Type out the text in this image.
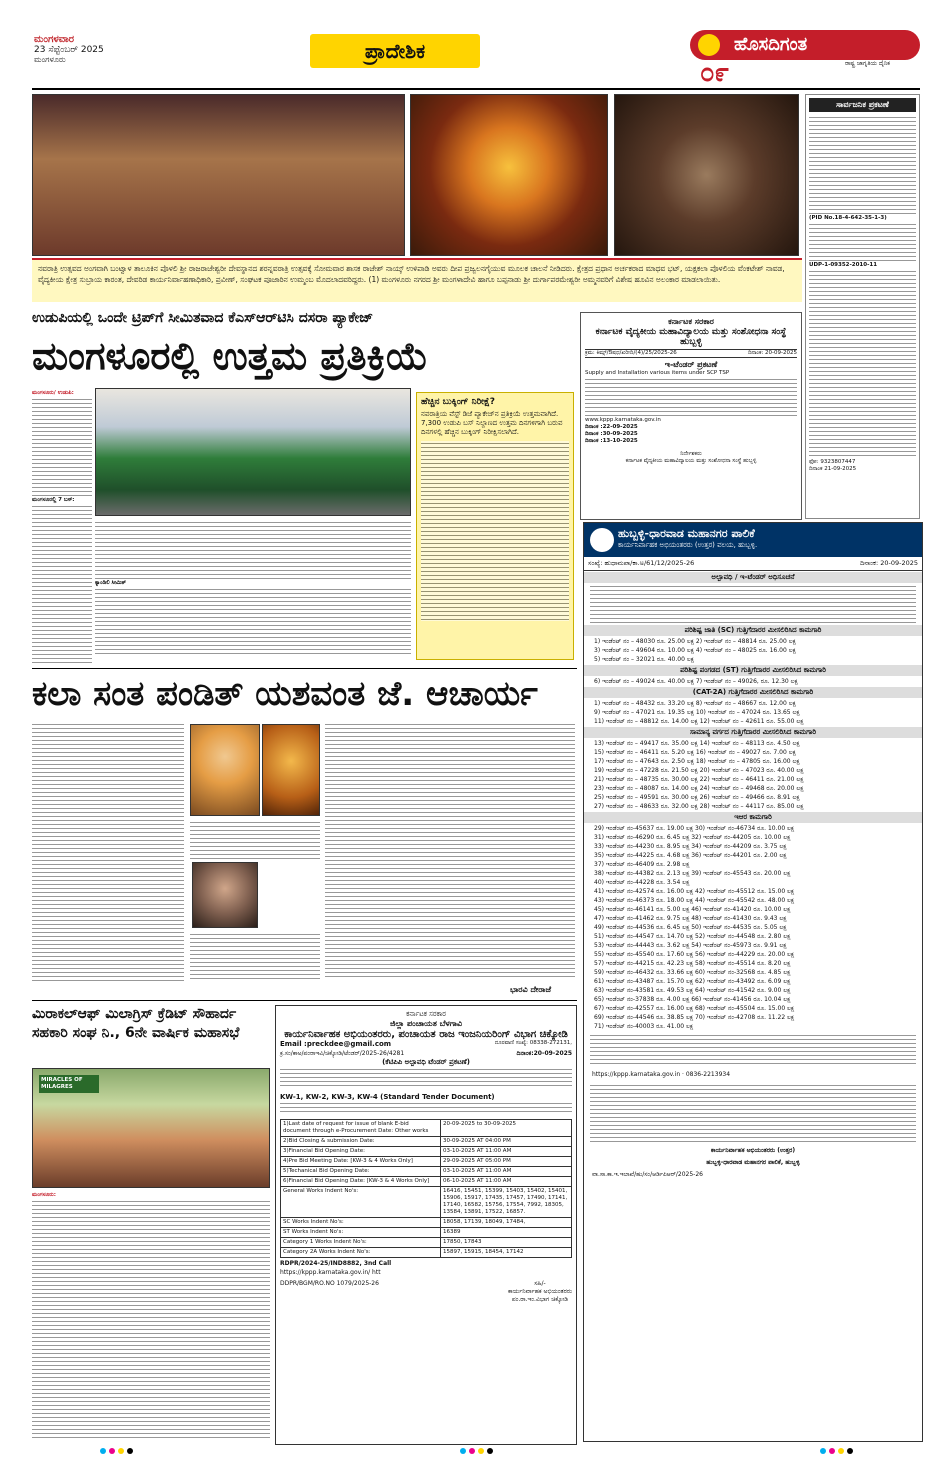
ಮಂಗಳವಾರ
23 ಸೆಪ್ಟೆಂಬರ್ 2025
ಮಂಗಳೂರು	ಪ್ರಾದೇಶಿಕ	ಹೊಸದಿಗಂತ
ರಾಷ್ಟ್ರ ಜಾಗೃತಿಯ ದೈನಿಕ
೦೯
ನವರಾತ್ರಿ ಉತ್ಸವದ ಅಂಗವಾಗಿ ಬಂಟ್ವಾಳ ತಾಲೂಕಿನ ಪೊಳಲಿ ಶ್ರೀ ರಾಜರಾಜೇಶ್ವರೀ ದೇವಸ್ಥಾನದ ಶರನ್ನವರಾತ್ರಿ ಉತ್ಸವಕ್ಕೆ ಸೋಮವಾರ ಶಾಸಕ ರಾಜೇಶ್ ನಾಯ್ಕ್ ಉಳಿಪಾಡಿ ಅವರು ದೀಪ ಪ್ರಜ್ವಲನಗೈಯುವ ಮೂಲಕ ಚಾಲನೆ ನೀಡಿದರು. ಕ್ಷೇತ್ರದ ಪ್ರಧಾನ ಅರ್ಚಕರಾದ ಮಾಧವ ಭಟ್, ಯಕ್ಷಕಲಾ ಪೊಳಲಿಯ ವೆಂಕಟೇಶ್ ನಾವಡ, ವೈದ್ಯಕೀಯ ಕ್ಷೇತ್ರ ಸುಬ್ರಾಯ ಕಾರಂತ, ದೇವರಿಡ ಕಾರ್ಯನಿರ್ವಾಹಣಾಧಿಕಾರಿ, ಪ್ರವೀಣ್, ಸಂಘಟಕ ಪೂಜಾರಿನ ಉಮ್ಮಂಬ ಮೊದಲಾದವರಿದ್ದರು. (1) ಮಂಗಳೂರು ನಗರದ ಶ್ರೀ ಮಂಗಳಾದೇವಿ ಹಾಗೂ ಬಪ್ಪನಾಡು ಶ್ರೀ ದುರ್ಗಾಪರಮೇಶ್ವರೀ ಅಮ್ಮನವರಿಗೆ ವಿಶೇಷ ಹೂವಿನ ಅಲಂಕಾರ ಮಾಡಲಾಯಿತು.
ಸಾರ್ವಜನಿಕ ಪ್ರಕಟಣೆ
(PID No.18-4-642-35-1-3)
UDP-1-09352-2010-11
ಫೋ: 9323807447
ದಿನಾಂಕ 21-09-2025
ಉಡುಪಿಯಲ್ಲಿ ಒಂದೇ ಟ್ರಿಪ್‌ಗೆ ಸೀಮಿತವಾದ ಕೆಎಸ್ಆರ್‌ಟಿಸಿ ದಸರಾ ಪ್ಯಾಕೇಜ್
ಮಂಗಳೂರಲ್ಲಿ ಉತ್ತಮ ಪ್ರತಿಕ್ರಿಯೆ
ಮಂಗಳೂರು/ ಉಡುಪಿ:
ಮಂಗಳೂರಲ್ಲಿ 7 ಬಸ್:
ಕ್ಯಾಂಡಿಲಿ ಸೀಮಿತ್
ಹೆಚ್ಚಿನ ಬುಕ್ಕಿಂಗ್ ನಿರೀಕ್ಷೆ?
ನವರಾತ್ರಿಯ ವೆಸ್ಟ್ ಡಿಜೆ ಪ್ಯಾಕೇಜ್‌ನ ಪ್ರತಿಕ್ರಿಯೆ ಉತ್ತಮವಾಗಿದೆ. 7,300 ಉಡುಪಿ ಬಸ್ ನಿಲ್ದಾಣದ ಉತ್ತಮ ದಿನಗಳಿಗಾಗಿ ಬರುವ ದಿನಗಳಲ್ಲಿ ಹೆಚ್ಚಿನ ಬುಕ್ಕಿಂಗ್ ನಿರೀಕ್ಷಿಸಲಾಗಿದೆ.
ಕರ್ನಾಟಕ ಸರಕಾರ
ಕರ್ನಾಟಕ ವೈದ್ಯಕೀಯ ಮಹಾವಿದ್ಯಾಲಯ ಮತ್ತು ಸಂಶೋಧನಾ ಸಂಸ್ಥೆ ಹುಬ್ಬಳ್ಳಿ
ಕ್ರಮ: ಕಿಮ್ಸ್/ಔಷಧ/ಖರೀದಿ/(4)/25/2025-26	ದಿನಾಂಕ: 20-09-2025
ಇ-ಟೆಂಡರ್ ಪ್ರಕಟಣೆ
Supply and Installation various items under SCP TSP
www.kppp.karnataka.gov.in
ದಿನಾಂಕ :22-09-2025
ದಿನಾಂಕ :30-09-2025
ದಿನಾಂಕ :13-10-2025
ನಿರ್ದೇಶಕರು
ಕರ್ನಾಟಕ ವೈದ್ಯಕೀಯ ಮಹಾವಿದ್ಯಾಲಯ ಮತ್ತು ಸಂಶೋಧನಾ ಸಂಸ್ಥೆ ಹುಬ್ಬಳ್ಳಿ
ಹುಬ್ಬಳ್ಳಿ-ಧಾರವಾಡ ಮಹಾನಗರ ಪಾಲಿಕೆ
ಕಾರ್ಯನಿರ್ವಾಹಕ ಅಭಿಯಂತರರು (ಉತ್ತರ) ವಲಯ, ಹುಬ್ಬಳ್ಳಿ.
ಸಂಖ್ಯೆ: ಹುಧಾಮಪಾ/ಕಾ.ಅ/61/12/2025-26	ದಿನಾಂಕ: 20-09-2025
ಅಲ್ಪಾವಧಿ / ಇ-ಟೆಂಡರ್ ಅಧಿಸೂಚನೆ
ಪರಿಶಿಷ್ಟ ಜಾತಿ (SC) ಗುತ್ತಿಗೆದಾರರ ಮೀಸಲಿರಿಸಿದ ಕಾಮಗಾರಿ
1) ಇಂಡೆಂಟ್ ನಂ – 48030 ರೂ. 25.00 ಲಕ್ಷ 2) ಇಂಡೆಂಟ್ ನಂ – 48814 ರೂ. 25.00 ಲಕ್ಷ
3) ಇಂಡೆಂಟ್ ನಂ – 49604 ರೂ. 10.00 ಲಕ್ಷ 4) ಇಂಡೆಂಟ್ ನಂ – 48025 ರೂ. 16.00 ಲಕ್ಷ
5) ಇಂಡೆಂಟ್ ನಂ – 32021 ರೂ. 40.00 ಲಕ್ಷ
ಪರಿಶಿಷ್ಟ ಪಂಗಡದ (ST) ಗುತ್ತಿಗೆದಾರರ ಮೀಸಲಿರಿಸಿದ ಕಾಮಗಾರಿ
6) ಇಂಡೆಂಟ್ ನಂ – 49024 ರೂ. 40.00 ಲಕ್ಷ 7) ಇಂಡೆಂಟ್ ನಂ – 49026, ರೂ. 12.30 ಲಕ್ಷ
(CAT-2A) ಗುತ್ತಿಗೆದಾರರ ಮೀಸಲಿರಿಸಿದ ಕಾಮಗಾರಿ
1) ಇಂಡೆಂಟ್ ನಂ – 48432 ರೂ. 33.20 ಲಕ್ಷ 8) ಇಂಡೆಂಟ್ ನಂ – 48667 ರೂ. 12.00 ಲಕ್ಷ
9) ಇಂಡೆಂಟ್ ನಂ – 47021 ರೂ. 19.35 ಲಕ್ಷ 10) ಇಂಡೆಂಟ್ ನಂ – 47024 ರೂ. 13.65 ಲಕ್ಷ
11) ಇಂಡೆಂಟ್ ನಂ – 48812 ರೂ. 14.00 ಲಕ್ಷ 12) ಇಂಡೆಂಟ್ ನಂ – 42611 ರೂ. 55.00 ಲಕ್ಷ
ಸಾಮಾನ್ಯ ವರ್ಗದ ಗುತ್ತಿಗೆದಾರರ ಮೀಸಲಿರಿಸಿದ ಕಾಮಗಾರಿ
13) ಇಂಡೆಂಟ್ ನಂ – 49417 ರೂ. 35.00 ಲಕ್ಷ 14) ಇಂಡೆಂಟ್ ನಂ – 48113 ರೂ. 4.50 ಲಕ್ಷ
15) ಇಂಡೆಂಟ್ ನಂ – 46411 ರೂ. 5.20 ಲಕ್ಷ 16) ಇಂಡೆಂಟ್ ನಂ – 49027 ರೂ. 7.00 ಲಕ್ಷ
17) ಇಂಡೆಂಟ್ ನಂ – 47643 ರೂ. 2.50 ಲಕ್ಷ 18) ಇಂಡೆಂಟ್ ನಂ – 47805 ರೂ. 16.00 ಲಕ್ಷ
19) ಇಂಡೆಂಟ್ ನಂ – 47228 ರೂ. 21.50 ಲಕ್ಷ 20) ಇಂಡೆಂಟ್ ನಂ – 47023 ರೂ. 40.00 ಲಕ್ಷ
21) ಇಂಡೆಂಟ್ ನಂ – 48735 ರೂ. 30.00 ಲಕ್ಷ 22) ಇಂಡೆಂಟ್ ನಂ – 46411 ರೂ. 21.00 ಲಕ್ಷ
23) ಇಂಡೆಂಟ್ ನಂ – 48087 ರೂ. 14.00 ಲಕ್ಷ 24) ಇಂಡೆಂಟ್ ನಂ – 49468 ರೂ. 20.00 ಲಕ್ಷ
25) ಇಂಡೆಂಟ್ ನಂ – 49591 ರೂ. 30.00 ಲಕ್ಷ 26) ಇಂಡೆಂಟ್ ನಂ – 49466 ರೂ. 8.91 ಲಕ್ಷ
27) ಇಂಡೆಂಟ್ ನಂ – 48633 ರೂ. 32.00 ಲಕ್ಷ 28) ಇಂಡೆಂಟ್ ನಂ – 44117 ರೂ. 85.00 ಲಕ್ಷ
ಇಆರ ಕಾಮಗಾರಿ
29) ಇಂಡೆಂಟ್ ನಂ-45637 ರೂ. 19.00 ಲಕ್ಷ 30) ಇಂಡೆಂಟ್ ನಂ-46734 ರೂ. 10.00 ಲಕ್ಷ
31) ಇಂಡೆಂಟ್ ನಂ-46290 ರೂ. 6.45 ಲಕ್ಷ 32) ಇಂಡೆಂಟ್ ನಂ-44205 ರೂ. 10.00 ಲಕ್ಷ
33) ಇಂಡೆಂಟ್ ನಂ-44230 ರೂ. 8.95 ಲಕ್ಷ 34) ಇಂಡೆಂಟ್ ನಂ-44209 ರೂ. 3.75 ಲಕ್ಷ
35) ಇಂಡೆಂಟ್ ನಂ-44225 ರೂ. 4.68 ಲಕ್ಷ 36) ಇಂಡೆಂಟ್ ನಂ-44201 ರೂ. 2.00 ಲಕ್ಷ
37) ಇಂಡೆಂಟ್ ನಂ-46409 ರೂ. 2.98 ಲಕ್ಷ
38) ಇಂಡೆಂಟ್ ನಂ-44382 ರೂ. 2.13 ಲಕ್ಷ 39) ಇಂಡೆಂಟ್ ನಂ-45543 ರೂ. 20.00 ಲಕ್ಷ
40) ಇಂಡೆಂಟ್ ನಂ-44228 ರೂ. 3.54 ಲಕ್ಷ
41) ಇಂಡೆಂಟ್ ನಂ-42574 ರೂ. 16.00 ಲಕ್ಷ 42) ಇಂಡೆಂಟ್ ನಂ-45512 ರೂ. 15.00 ಲಕ್ಷ
43) ಇಂಡೆಂಟ್ ನಂ-46373 ರೂ. 18.00 ಲಕ್ಷ 44) ಇಂಡೆಂಟ್ ನಂ-45542 ರೂ. 48.00 ಲಕ್ಷ
45) ಇಂಡೆಂಟ್ ನಂ-46141 ರೂ. 5.00 ಲಕ್ಷ 46) ಇಂಡೆಂಟ್ ನಂ-41420 ರೂ. 10.00 ಲಕ್ಷ
47) ಇಂಡೆಂಟ್ ನಂ-41462 ರೂ. 9.75 ಲಕ್ಷ 48) ಇಂಡೆಂಟ್ ನಂ-41430 ರೂ. 9.43 ಲಕ್ಷ
49) ಇಂಡೆಂಟ್ ನಂ-44536 ರೂ. 6.45 ಲಕ್ಷ 50) ಇಂಡೆಂಟ್ ನಂ-44535 ರೂ. 5.05 ಲಕ್ಷ
51) ಇಂಡೆಂಟ್ ನಂ-44547 ರೂ. 14.70 ಲಕ್ಷ 52) ಇಂಡೆಂಟ್ ನಂ-44548 ರೂ. 2.80 ಲಕ್ಷ
53) ಇಂಡೆಂಟ್ ನಂ-44443 ರೂ. 3.62 ಲಕ್ಷ 54) ಇಂಡೆಂಟ್ ನಂ-45973 ರೂ. 9.91 ಲಕ್ಷ
55) ಇಂಡೆಂಟ್ ನಂ-45540 ರೂ. 17.60 ಲಕ್ಷ 56) ಇಂಡೆಂಟ್ ನಂ-44229 ರೂ. 20.00 ಲಕ್ಷ
57) ಇಂಡೆಂಟ್ ನಂ-44215 ರೂ. 42.23 ಲಕ್ಷ 58) ಇಂಡೆಂಟ್ ನಂ-45514 ರೂ. 8.20 ಲಕ್ಷ
59) ಇಂಡೆಂಟ್ ನಂ-46432 ರೂ. 33.66 ಲಕ್ಷ 60) ಇಂಡೆಂಟ್ ನಂ-32568 ರೂ. 4.85 ಲಕ್ಷ
61) ಇಂಡೆಂಟ್ ನಂ-43487 ರೂ. 15.70 ಲಕ್ಷ 62) ಇಂಡೆಂಟ್ ನಂ-43492 ರೂ. 6.09 ಲಕ್ಷ
63) ಇಂಡೆಂಟ್ ನಂ-43581 ರೂ. 49.53 ಲಕ್ಷ 64) ಇಂಡೆಂಟ್ ನಂ-41542 ರೂ. 9.00 ಲಕ್ಷ
65) ಇಂಡೆಂಟ್ ನಂ-37838 ರೂ. 4.00 ಲಕ್ಷ 66) ಇಂಡೆಂಟ್ ನಂ-41456 ರೂ. 10.04 ಲಕ್ಷ
67) ಇಂಡೆಂಟ್ ನಂ-42557 ರೂ. 16.00 ಲಕ್ಷ 68) ಇಂಡೆಂಟ್ ನಂ-45504 ರೂ. 15.00 ಲಕ್ಷ
69) ಇಂಡೆಂಟ್ ನಂ-44546 ರೂ. 38.85 ಲಕ್ಷ 70) ಇಂಡೆಂಟ್ ನಂ-42708 ರೂ. 11.22 ಲಕ್ಷ
71) ಇಂಡೆಂಟ್ ನಂ-40003 ರೂ. 41.00 ಲಕ್ಷ
https://kppp.karnataka.gov.in · 0836-2213934
ಕಾರ್ಯನಿರ್ವಾಹಕ ಅಭಿಯಂತರರು (ಉತ್ತರ)
ಹುಬ್ಬಳ್ಳಿ-ಧಾರವಾಡ ಮಹಾನಗರ ಪಾಲಿಕೆ, ಹುಬ್ಬಳ್ಳಿ
ವಾ.ಸಾ.ಕಾ.ಇ.ಇಲಾಖೆ/ಹು/ಸಂ/ಆರ್ಡಿಪಿಆರ್/2025-26
ಕಲಾ ಸಂತ ಪಂಡಿತ್ ಯಶವಂತ ಜೆ. ಆಚಾರ್ಯ
ಭಾರವಿ ದೇರಾಜೆ
ಮಿರಾಕಲ್‌ಆಫ್ ಮಿಲಾಗ್ರಿಸ್ ಕ್ರೆಡಿಟ್ ಸೌಹಾರ್ದ ಸಹಕಾರಿ ಸಂಘ ನಿ., 6ನೇ ವಾರ್ಷಿಕ ಮಹಾಸಭೆ
MIRACLES OF MILAGRES
ಮಂಗಳೂರು:
ಕರ್ನಾಟಕ ಸರಕಾರ
ಜಿಲ್ಲಾ ಪಂಚಾಯತ ಬೆಳಗಾವಿ
ಕಾರ್ಯನಿರ್ವಾಹಕ ಅಭಿಯಂತರರು, ಪಂಚಾಯತ ರಾಜ ಇಂಜನಿಯರಿಂಗ್ ವಿಭಾಗ ಚಿಕ್ಕೋಡಿ
Email :preckdee@gmail.com	ದೂರವಾಣಿ ಸಂಖ್ಯೆ: 08338-272131,
ಕ್ರ.ಸಂ/ಕಾಅ/ಪಂರಾಇವಿ/ಚಿಕ್ಕೋಡಿ/ಟೆಂಡರ್/2025-26/4281	ದಿನಾಂಕ:20-09-2025
(ಕೆಟಿಪಿಪಿ ಅಲ್ಪಾವಧಿ ಟೆಂಡರ್ ಪ್ರಕಟಣೆ)
KW-1, KW-2, KW-3, KW-4 (Standard Tender Document)
1)Last date of request for issue of blank E-bid document through e-Procurement Date: Other works	20-09-2025 to 30-09-2025
2)Bid Closing & submission Date:	30-09-2025 AT 04:00 PM
3)Financial Bid Opening Date:	03-10-2025 AT 11:00 AM
4)Pre Bid Meeting Date: [KW-3 & 4 Works Only]	29-09-2025 AT 05:00 PM
5)Techanical Bid Opening Date:	03-10-2025 AT 11:00 AM
6)Financial Bid Opening Date: [KW-3 & 4 Works Only]	06-10-2025 AT 11:00 AM
General Works Indent No's:	16416, 15451, 15399, 15403, 15402, 15401, 15906, 15917, 17435, 17457, 17490, 17141, 17140, 16582, 15756, 17554, 7992, 18305, 13584, 13891, 17522, 16857.
SC Works Indent No's:	18058, 17139, 18049, 17484,
ST Works Indent No's:	16389
Category 1 Works Indent No's:	17850, 17843
Category 2A Works Indent No's:	15897, 15915, 18454, 17142
RDPR/2024-25/IND8882, 3nd Call
https://kppp.karnataka.gov.in/ htt
DDPR/BGM/RO.NO 1079/2025-26	ಸಹಿ/-
ಕಾರ್ಯನಿರ್ವಾಹಕ ಅಭಿಯಂತರರು
ಪಂ.ರಾ.ಇಂ.ವಿಭಾಗ ಚಿಕ್ಕೋಡಿ
